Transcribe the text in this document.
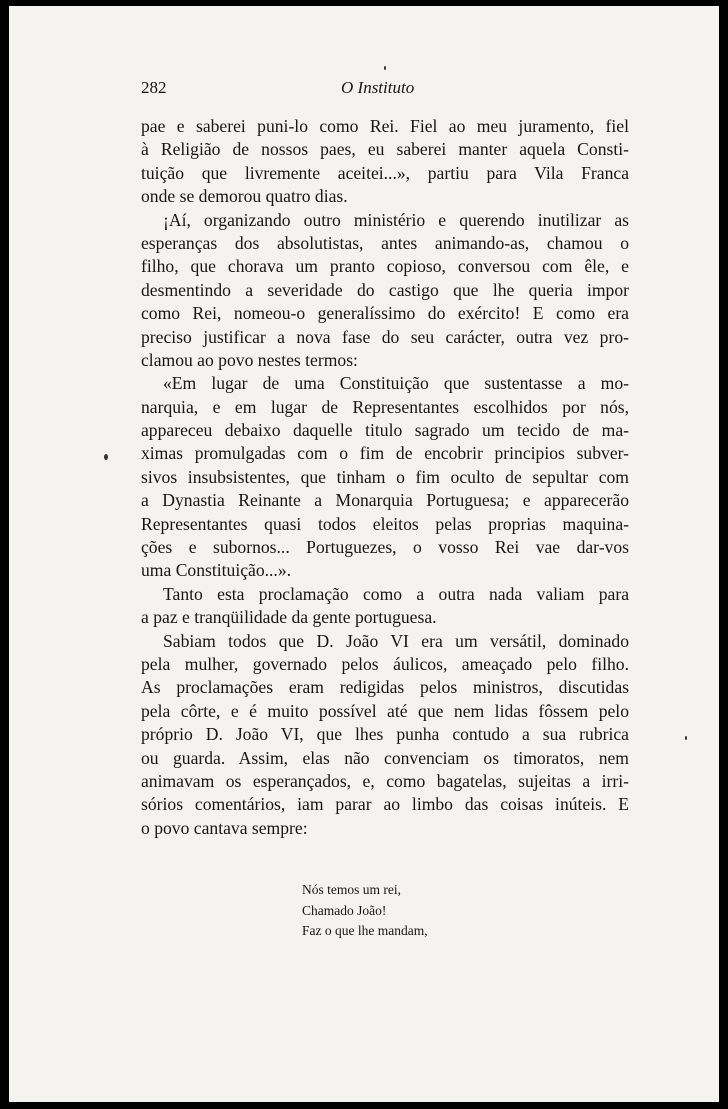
282	O Instituto
pae e saberei puni-lo como Rei. Fiel ao meu juramento, fiel
à Religião de nossos paes, eu saberei manter aquela Consti-
tuição que livremente aceitei...», partiu para Vila Franca
onde se demorou quatro dias.
¡Aí, organizando outro ministério e querendo inutilizar as
esperanças dos absolutistas, antes animando-as, chamou o
filho, que chorava um pranto copioso, conversou com êle, e
desmentindo a severidade do castigo que lhe queria impor
como Rei, nomeou-o generalíssimo do exército! E como era
preciso justificar a nova fase do seu carácter, outra vez pro-
clamou ao povo nestes termos:
«Em lugar de uma Constituição que sustentasse a mo-
narquia, e em lugar de Representantes escolhidos por nós,
appareceu debaixo daquelle titulo sagrado um tecido de ma-
ximas promulgadas com o fim de encobrir principios subver-
sivos insubsistentes, que tinham o fim oculto de sepultar com
a Dynastia Reinante a Monarquia Portuguesa; e apparecerão
Representantes quasi todos eleitos pelas proprias maquina-
ções e subornos... Portuguezes, o vosso Rei vae dar-vos
uma Constituição...».
Tanto esta proclamação como a outra nada valiam para
a paz e tranqüilidade da gente portuguesa.
Sabiam todos que D. João VI era um versátil, dominado
pela mulher, governado pelos áulicos, ameaçado pelo filho.
As proclamações eram redigidas pelos ministros, discutidas
pela côrte, e é muito possível até que nem lidas fôssem pelo
próprio D. João VI, que lhes punha contudo a sua rubrica
ou guarda. Assim, elas não convenciam os timoratos, nem
animavam os esperançados, e, como bagatelas, sujeitas a irri-
sórios comentários, iam parar ao limbo das coisas inúteis. E
o povo cantava sempre:
Nós temos um rei,
Chamado João!
Faz o que lhe mandam,
